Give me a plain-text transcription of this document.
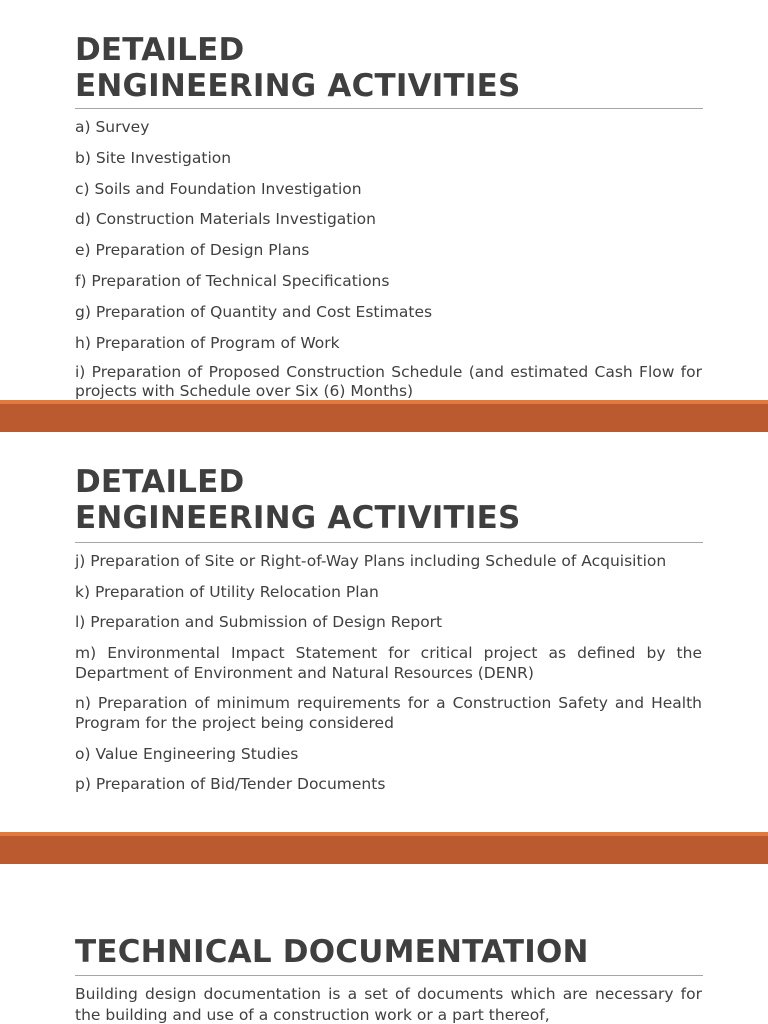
DETAILED
ENGINEERING ACTIVITIES

a) Survey

b) Site Investigation

c) Soils and Foundation Investigation

d) Construction Materials Investigation

e) Preparation of Design Plans

f) Preparation of Technical Specifications

g) Preparation of Quantity and Cost Estimates

h) Preparation of Program of Work

i) Preparation of Proposed Construction Schedule (and estimated Cash Flow for projects with Schedule over Six (6) Months)

DETAILED
ENGINEERING ACTIVITIES

j) Preparation of Site or Right-of-Way Plans including Schedule of Acquisition

k) Preparation of Utility Relocation Plan

l) Preparation and Submission of Design Report

m) Environmental Impact Statement for critical project as defined by the Department of Environment and Natural Resources (DENR)

n) Preparation of minimum requirements for a Construction Safety and Health Program for the project being considered

o) Value Engineering Studies

p) Preparation of Bid/Tender Documents

TECHNICAL DOCUMENTATION

Building design documentation is a set of documents which are necessary for the building and use of a construction work or a part thereof,
